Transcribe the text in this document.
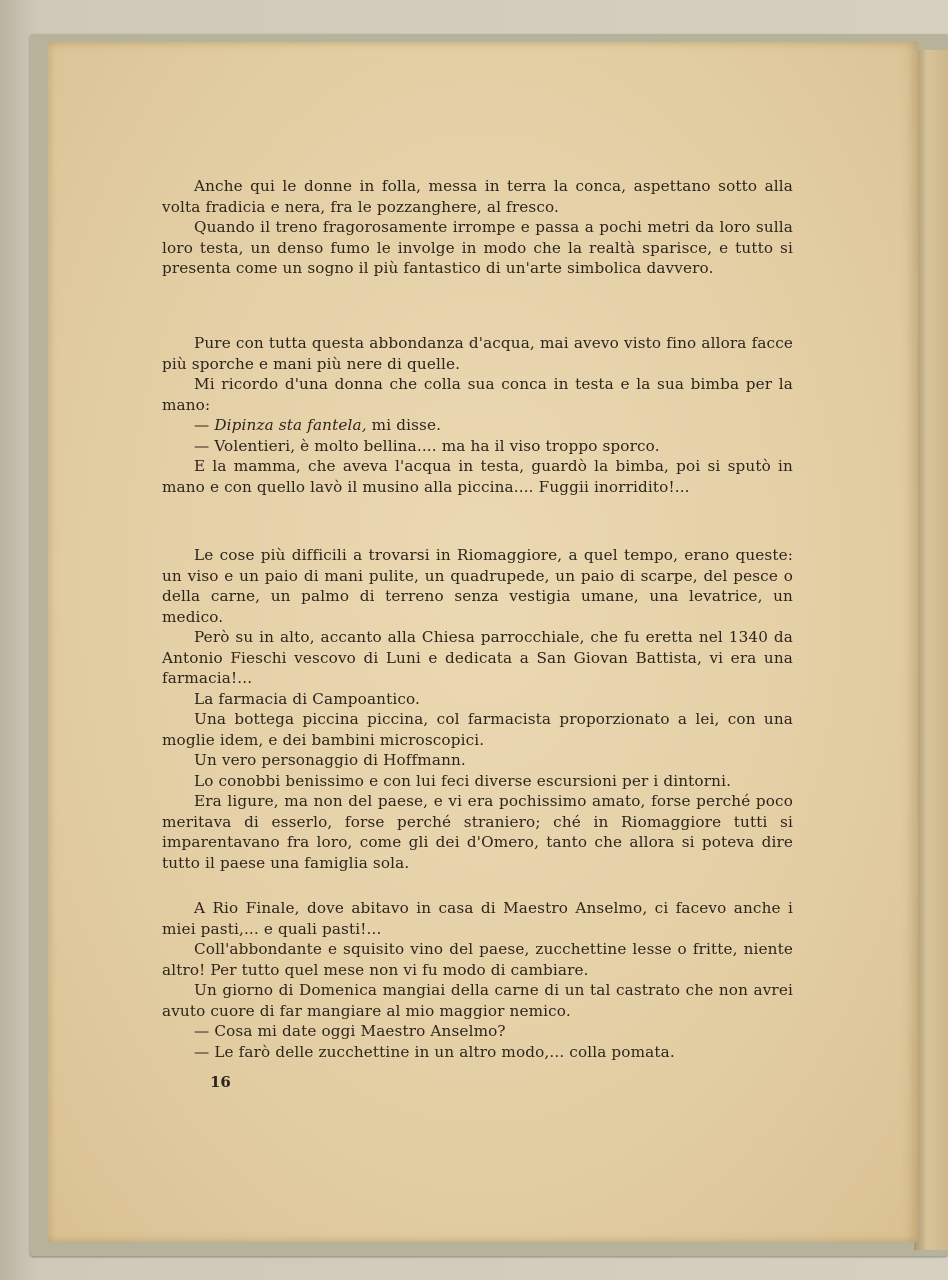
Anche qui le donne in folla, messa in terra la conca, aspettano sotto alla volta fradicia e nera, fra le pozzanghere, al fresco.

Quando il treno fragorosamente irrompe e passa a pochi metri da loro sulla loro testa, un denso fumo le involge in modo che la realtà sparisce, e tutto si presenta come un sogno il più fantastico di un'arte simbolica davvero.

Pure con tutta questa abbondanza d'acqua, mai avevo visto fino allora facce più sporche e mani più nere di quelle.

Mi ricordo d'una donna che colla sua conca in testa e la sua bimba per la mano:

— Dipinza sta fantela, mi disse.

— Volentieri, è molto bellina.... ma ha il viso troppo sporco.

E la mamma, che aveva l'acqua in testa, guardò la bimba, poi si sputò in mano e con quello lavò il musino alla piccina.... Fuggii inorridito!...

Le cose più difficili a trovarsi in Riomaggiore, a quel tempo, erano queste: un viso e un paio di mani pulite, un quadrupede, un paio di scarpe, del pesce o della carne, un palmo di terreno senza vestigia umane, una levatrice, un medico.

Però su in alto, accanto alla Chiesa parrocchiale, che fu eretta nel 1340 da Antonio Fieschi vescovo di Luni e dedicata a San Giovan Battista, vi era una farmacia!...

La farmacia di Campoantico.

Una bottega piccina piccina, col farmacista proporzionato a lei, con una moglie idem, e dei bambini microscopici.

Un vero personaggio di Hoffmann.

Lo conobbi benissimo e con lui feci diverse escursioni per i dintorni.

Era ligure, ma non del paese, e vi era pochissimo amato, forse perché poco meritava di esserlo, forse perché straniero; ché in Riomaggiore tutti si imparentavano fra loro, come gli dei d'Omero, tanto che allora si poteva dire tutto il paese una famiglia sola.

A Rio Finale, dove abitavo in casa di Maestro Anselmo, ci facevo anche i miei pasti,... e quali pasti!...

Coll'abbondante e squisito vino del paese, zucchettine lesse o fritte, niente altro! Per tutto quel mese non vi fu modo di cambiare.

Un giorno di Domenica mangiai della carne di un tal castrato che non avrei avuto cuore di far mangiare al mio maggior nemico.

— Cosa mi date oggi Maestro Anselmo?

— Le farò delle zucchettine in un altro modo,... colla pomata.

16
